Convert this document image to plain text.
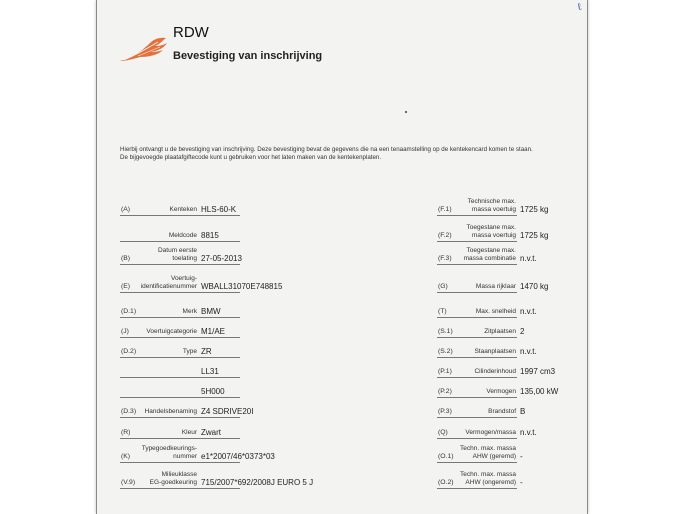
ℓ
RDW
Bevestiging van inschrijving
Hierbij ontvangt u de bevestiging van inschrijving. Deze bevestiging bevat de gegevens die na een tenaamstelling op de kentekencard komen te staan.
De bijgevoegde plaatafgiftecode kunt u gebruiken voor het laten maken van de kentekenplaten.
(A)	Kenteken HLS-60-K
Meldcode 8815
(B)
Datum eerste
toelating 27-05-2013
(E)
Voertuig-
identificatienummer WBALL31070E748815
(D.1)	Merk BMW
(J)	Voertuigcategorie M1/AE
(D.2)	Type ZR
LL31
5H000
(D.3) Handelsbenaming Z4 SDRIVE20I
(R)	Kleur Zwart
(K)
Typegoedkeurings-
nummer e1*2007/46*0373*03
(V.9)
Milieuklasse
EG-goedkeuring 715/2007*692/2008J EURO 5 J
(F.1)
Technische max.
massa voertuig 1725 kg
(F.2)
Toegestane max.
massa voertuig 1725 kg
(F.3)
Toegestane max.
massa combinatie n.v.t.
(G)	Massa rijklaar 1470 kg
(T)	Max. snelheid n.v.t.
(S.1)	Zitplaatsen 2
(S.2)	Staanplaatsen n.v.t.
(P.1)	Cilinderinhoud 1997 cm3
(P.2)	Vermogen 135,00 kW
(P.3)	Brandstof B
(Q)	Vermogen/massa n.v.t.
(O.1)
Techn. max. massa
AHW (geremd) -
(O.2)
Techn. max. massa
AHW (ongeremd) -
